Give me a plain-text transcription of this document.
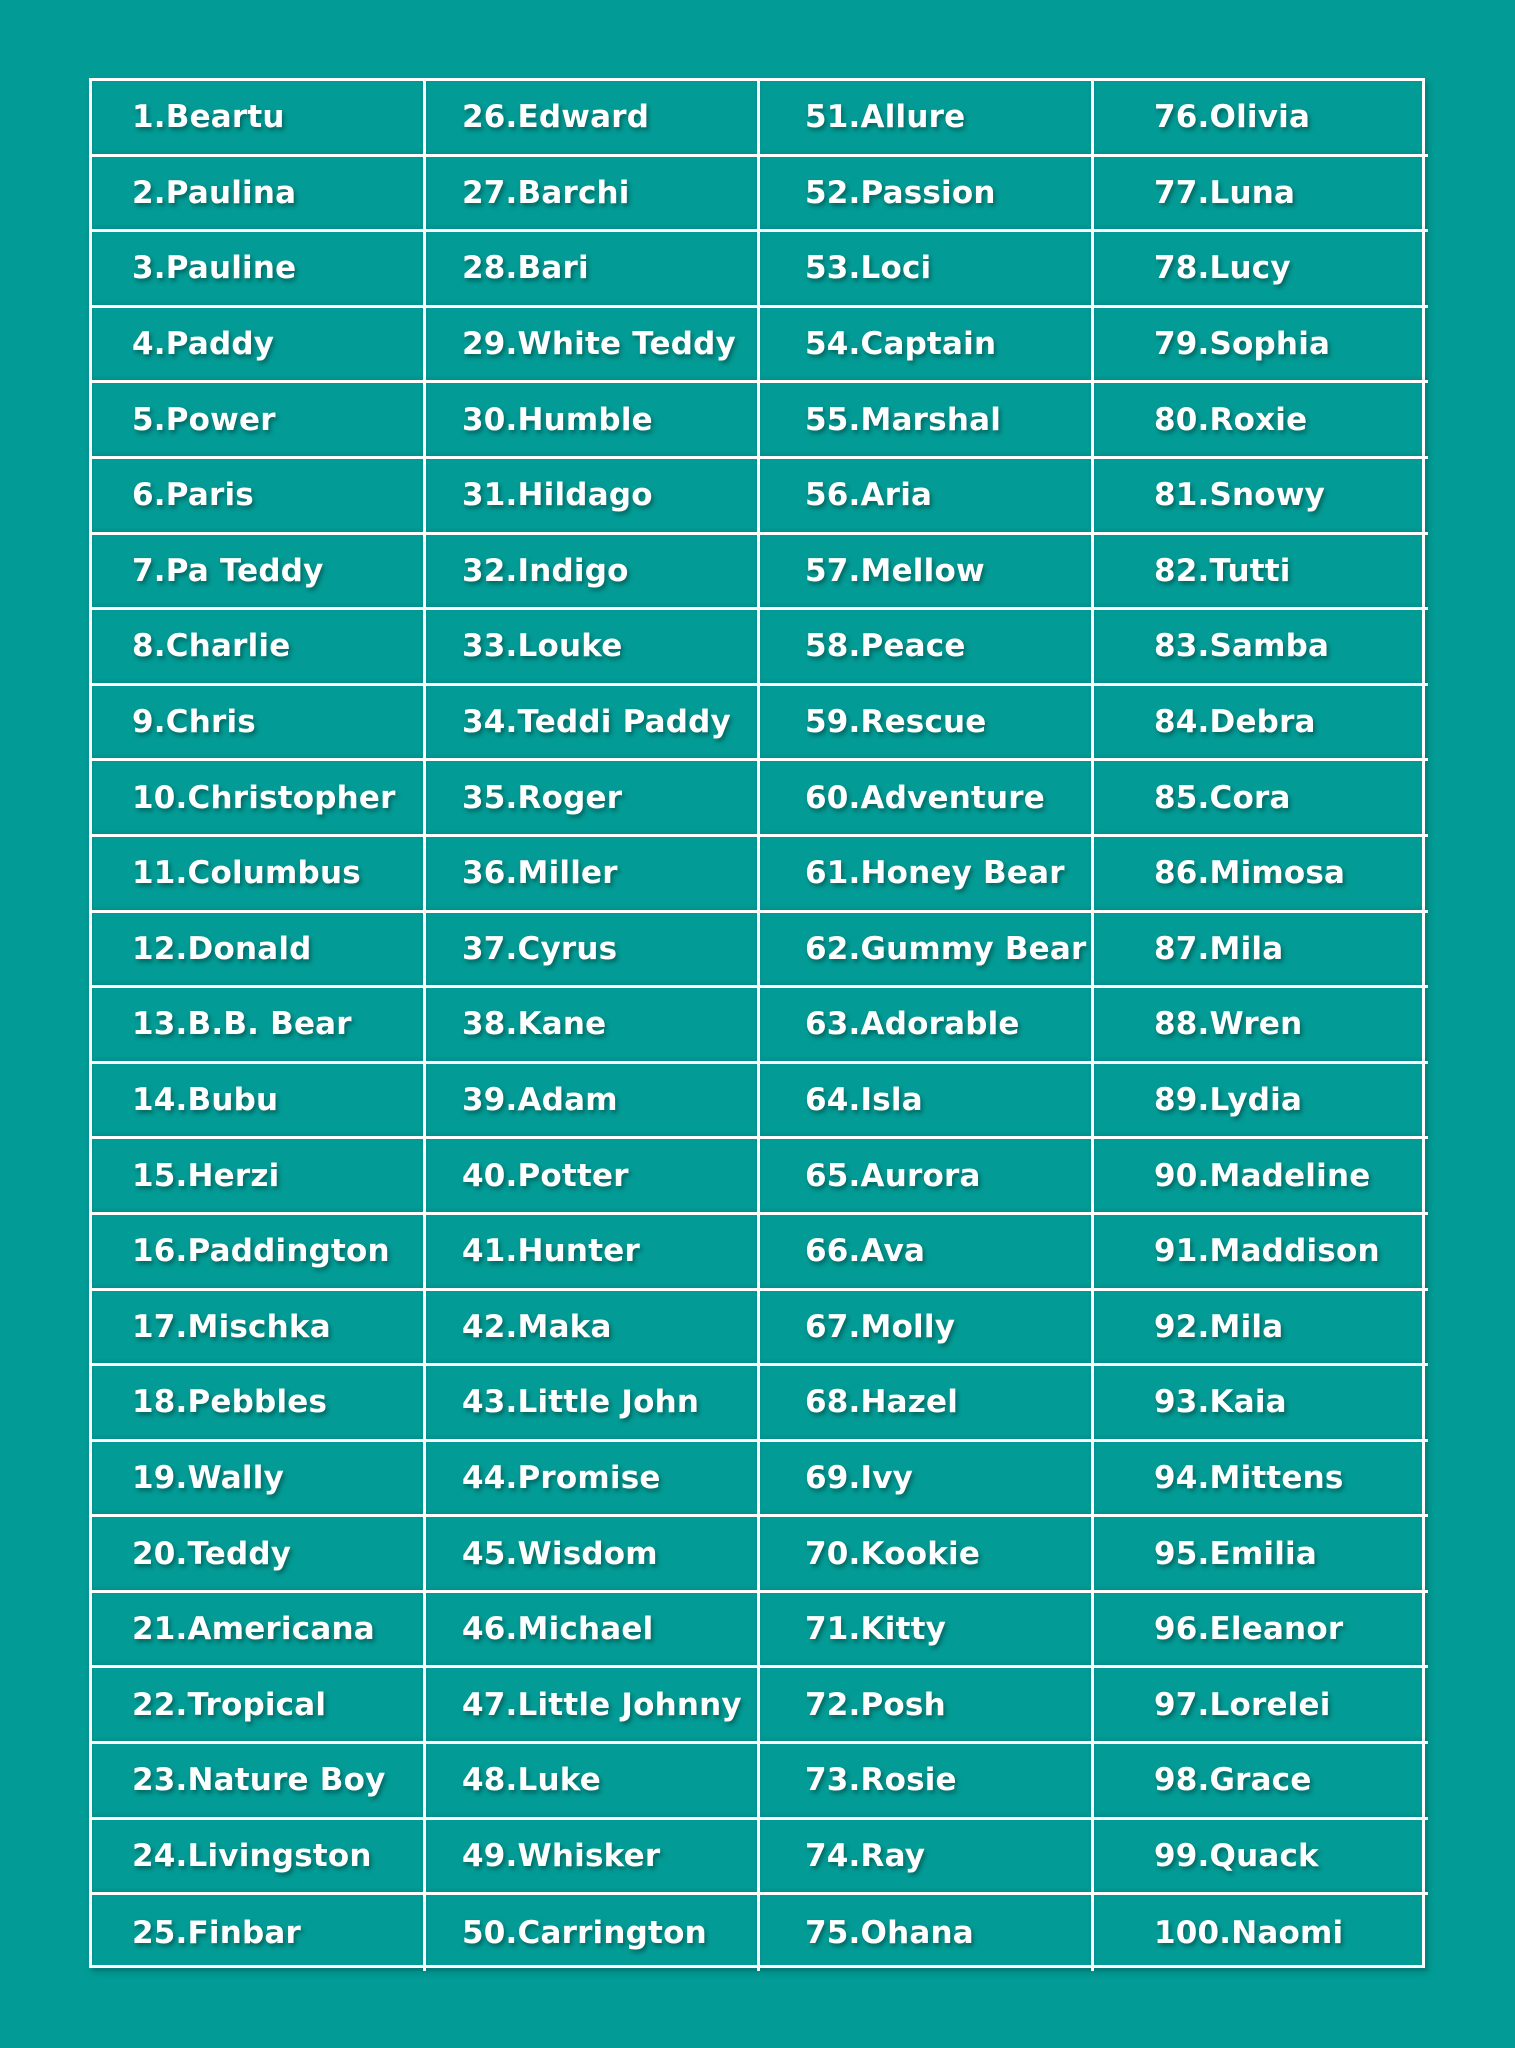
1.Beartu	26.Edward	51.Allure	76.Olivia
2.Paulina	27.Barchi	52.Passion	77.Luna
3.Pauline	28.Bari	53.Loci	78.Lucy
4.Paddy	29.White Teddy	54.Captain	79.Sophia
5.Power	30.Humble	55.Marshal	80.Roxie
6.Paris	31.Hildago	56.Aria	81.Snowy
7.Pa Teddy	32.Indigo	57.Mellow	82.Tutti
8.Charlie	33.Louke	58.Peace	83.Samba
9.Chris	34.Teddi Paddy	59.Rescue	84.Debra
10.Christopher	35.Roger	60.Adventure	85.Cora
11.Columbus	36.Miller	61.Honey Bear	86.Mimosa
12.Donald	37.Cyrus	62.Gummy Bear	87.Mila
13.B.B. Bear	38.Kane	63.Adorable	88.Wren
14.Bubu	39.Adam	64.Isla	89.Lydia
15.Herzi	40.Potter	65.Aurora	90.Madeline
16.Paddington	41.Hunter	66.Ava	91.Maddison
17.Mischka	42.Maka	67.Molly	92.Mila
18.Pebbles	43.Little John	68.Hazel	93.Kaia
19.Wally	44.Promise	69.Ivy	94.Mittens
20.Teddy	45.Wisdom	70.Kookie	95.Emilia
21.Americana	46.Michael	71.Kitty	96.Eleanor
22.Tropical	47.Little Johnny	72.Posh	97.Lorelei
23.Nature Boy	48.Luke	73.Rosie	98.Grace
24.Livingston	49.Whisker	74.Ray	99.Quack
25.Finbar	50.Carrington	75.Ohana	100.Naomi
